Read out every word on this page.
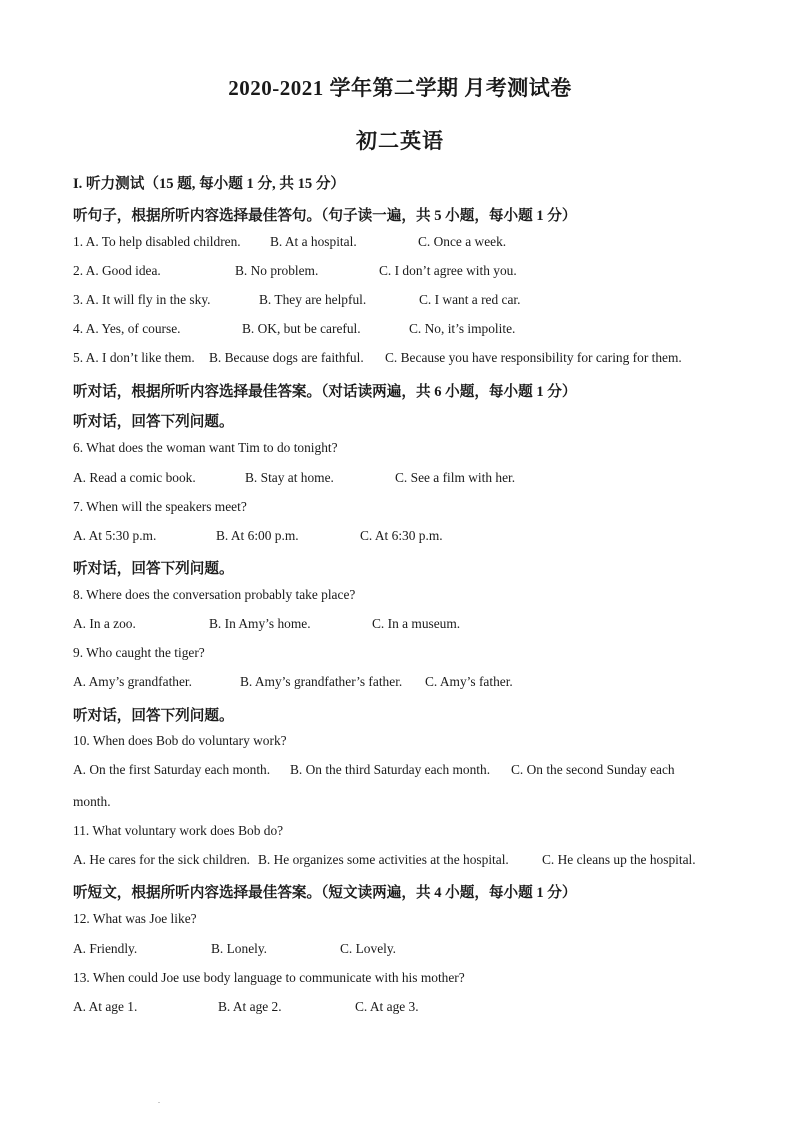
2020-2021 学年第二学期 月考测试卷
初二英语
I. 听力测试（15 题, 每小题 1 分, 共 15 分）
听句子，根据所听内容选择最佳答句。（句子读一遍，共 5 小题，每小题 1 分）
1. A. To help disabled children. B. At a hospital.	C. Once a week.
2. A. Good idea.	B. No problem.	C. I don’t agree with you.
3. A. It will fly in the sky.	B. They are helpful.	C. I want a red car.
4. A. Yes, of course.	B. OK, but be careful.	C. No, it’s impolite.
5. A. I don’t like them. B. Because dogs are faithful. C. Because you have responsibility for caring for them.
听对话，根据所听内容选择最佳答案。（对话读两遍，共 6 小题，每小题 1 分）
听对话，回答下列问题。
6. What does the woman want Tim to do tonight?
A. Read a comic book.	B. Stay at home.	C. See a film with her.
7. When will the speakers meet?
A. At 5:30 p.m.	B. At 6:00 p.m.	C. At 6:30 p.m.
听对话，回答下列问题。
8. Where does the conversation probably take place?
A. In a zoo.	B. In Amy’s home.	C. In a museum.
9. Who caught the tiger?
A. Amy’s grandfather.	B. Amy’s grandfather’s father. C. Amy’s father.
听对话，回答下列问题。
10. When does Bob do voluntary work?
A. On the first Saturday each month. B. On the third Saturday each month. C. On the second Sunday each
month.
11. What voluntary work does Bob do?
A. He cares for the sick children. B. He organizes some activities at the hospital. C. He cleans up the hospital.
听短文，根据所听内容选择最佳答案。（短文读两遍，共 4 小题，每小题 1 分）
12. What was Joe like?
A. Friendly.	B. Lonely.	C. Lovely.
13. When could Joe use body language to communicate with his mother?
A. At age 1.	B. At age 2.	C. At age 3.
.
